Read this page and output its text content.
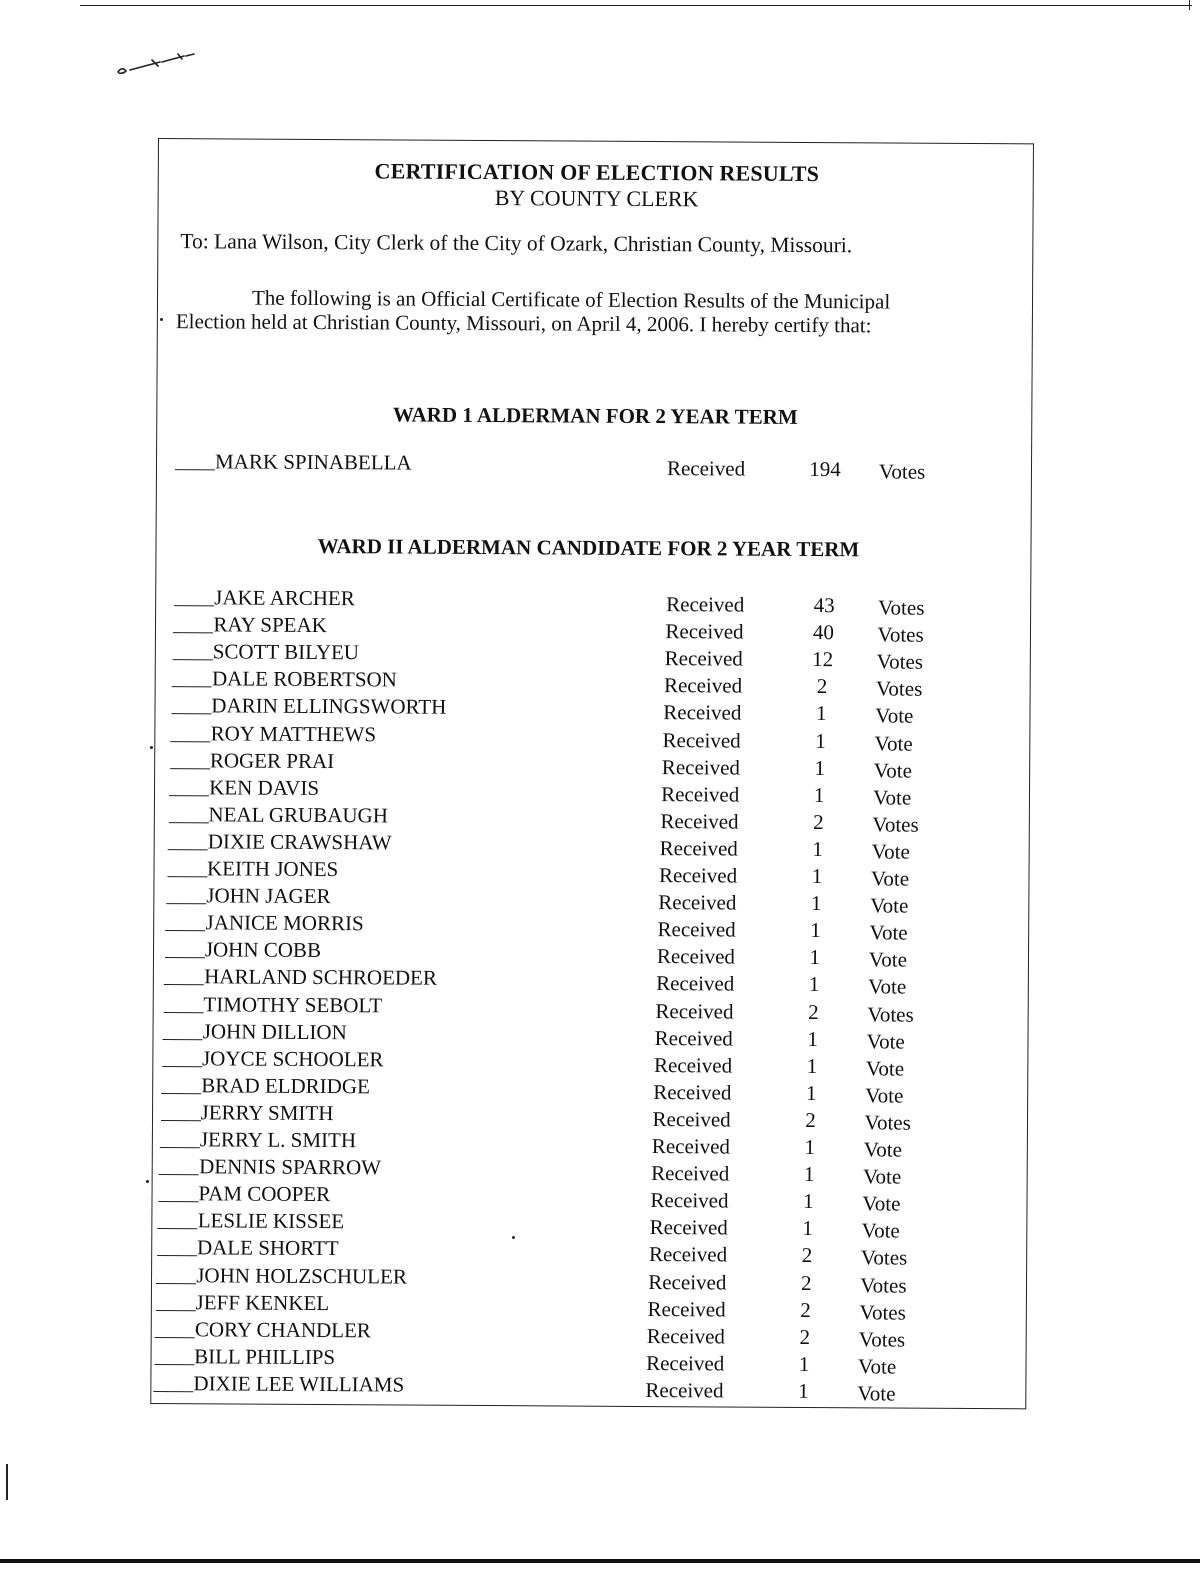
CERTIFICATION OF ELECTION RESULTS
BY COUNTY CLERK
To: Lana Wilson, City Clerk of the City of Ozark, Christian County, Missouri.
The following is an Official Certificate of Election Results of the Municipal
Election held at Christian County, Missouri, on April 4, 2006. I hereby certify that:
WARD 1 ALDERMAN FOR 2 YEAR TERM
MARK SPINABELLA	Received	194 Votes
WARD II ALDERMAN CANDIDATE FOR 2 YEAR TERM
JAKE ARCHER	Received	43	Votes
RAY SPEAK	Received	40	Votes
SCOTT BILYEU	Received	12	Votes
DALE ROBERTSON	Received	2	Votes
DARIN ELLINGSWORTH	Received	1	Vote
ROY MATTHEWS	Received	1	Vote
ROGER PRAI	Received	1	Vote
KEN DAVIS	Received	1	Vote
NEAL GRUBAUGH	Received	2	Votes
DIXIE CRAWSHAW	Received	1	Vote
KEITH JONES	Received	1	Vote
JOHN JAGER	Received	1	Vote
JANICE MORRIS	Received	1	Vote
JOHN COBB	Received	1	Vote
HARLAND SCHROEDER	Received	1	Vote
TIMOTHY SEBOLT	Received	2	Votes
JOHN DILLION	Received	1	Vote
JOYCE SCHOOLER	Received	1	Vote
BRAD ELDRIDGE	Received	1	Vote
JERRY SMITH	Received	2	Votes
JERRY L. SMITH	Received	1	Vote
DENNIS SPARROW	Received	1	Vote
PAM COOPER	Received	1	Vote
LESLIE KISSEE	Received	1	Vote
DALE SHORTT	Received	2	Votes
JOHN HOLZSCHULER	Received	2	Votes
JEFF KENKEL	Received	2	Votes
CORY CHANDLER	Received	2	Votes
BILL PHILLIPS	Received	1	Vote
DIXIE LEE WILLIAMS	Received	1	Vote
